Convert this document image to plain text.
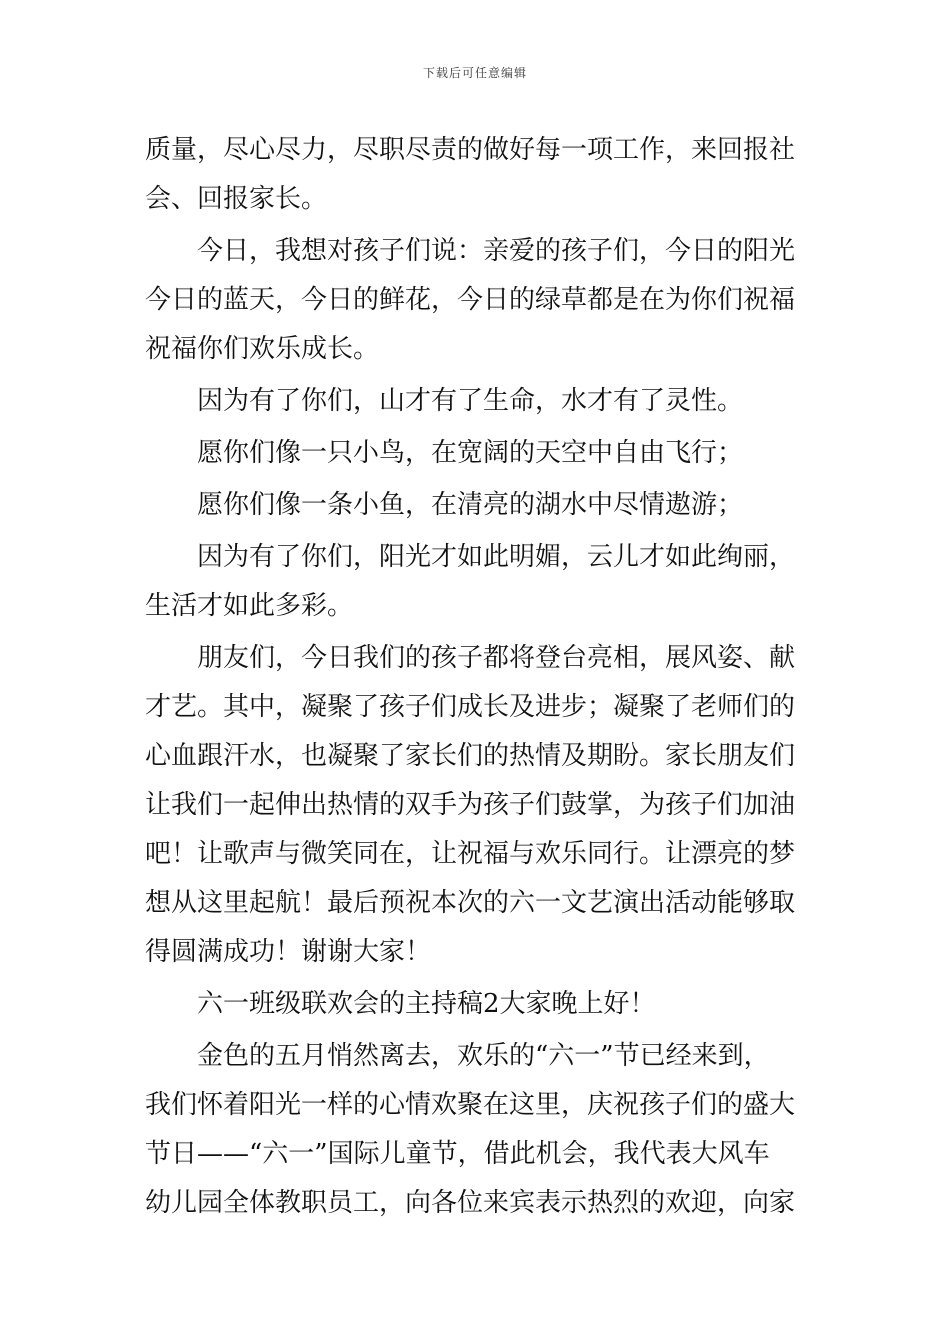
下载后可任意编辑
质量，尽心尽力，尽职尽责的做好每一项工作，来回报社
会、回报家长。
今日，我想对孩子们说：亲爱的孩子们，今日的阳光
今日的蓝天，今日的鲜花，今日的绿草都是在为你们祝福
祝福你们欢乐成长。
因为有了你们，山才有了生命，水才有了灵性。
愿你们像一只小鸟，在宽阔的天空中自由飞行；
愿你们像一条小鱼，在清亮的湖水中尽情遨游；
因为有了你们，阳光才如此明媚，云儿才如此绚丽，
生活才如此多彩。
朋友们，今日我们的孩子都将登台亮相，展风姿、献
才艺。其中，凝聚了孩子们成长及进步；凝聚了老师们的
心血跟汗水，也凝聚了家长们的热情及期盼。家长朋友们
让我们一起伸出热情的双手为孩子们鼓掌，为孩子们加油
吧！让歌声与微笑同在，让祝福与欢乐同行。让漂亮的梦
想从这里起航！最后预祝本次的六一文艺演出活动能够取
得圆满成功！谢谢大家！
六一班级联欢会的主持稿2大家晚上好！
金色的五月悄然离去，欢乐的“六一”节已经来到，
我们怀着阳光一样的心情欢聚在这里，庆祝孩子们的盛大
节日——“六一”国际儿童节，借此机会，我代表大风车
幼儿园全体教职员工，向各位来宾表示热烈的欢迎，向家
